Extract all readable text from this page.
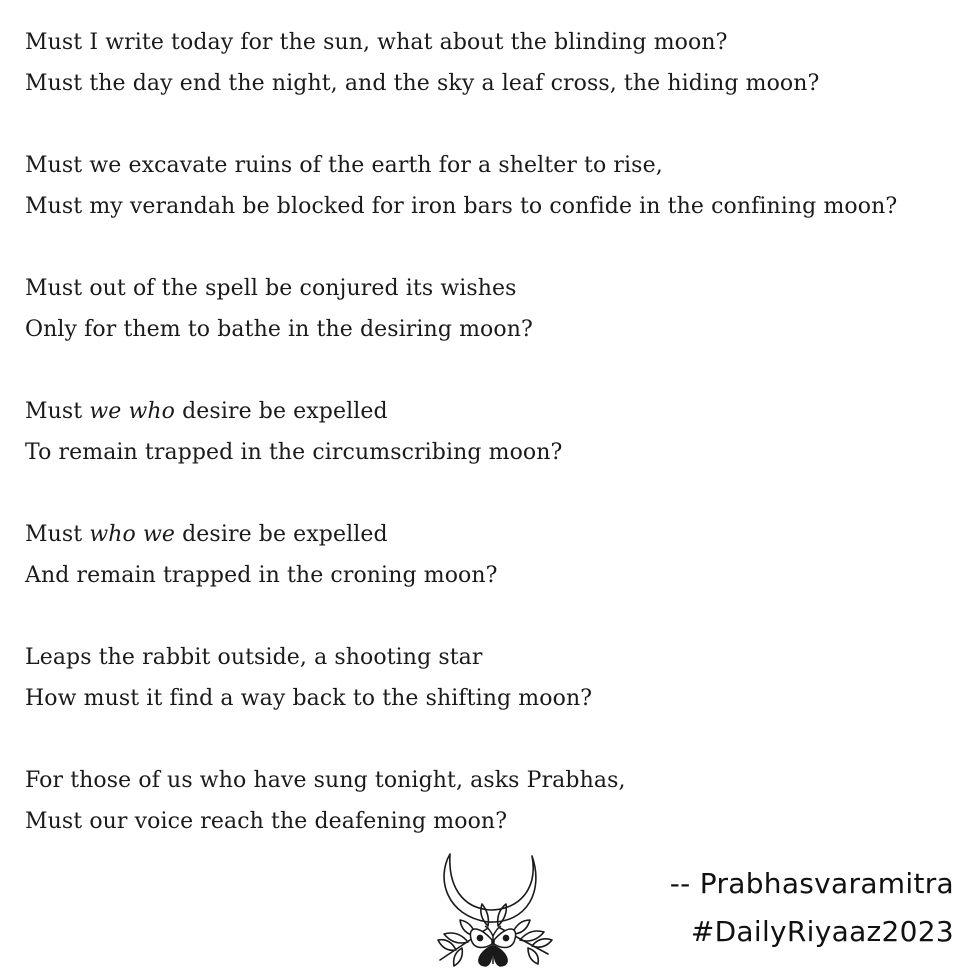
Must I write today for the sun, what about the blinding moon?
Must the day end the night, and the sky a leaf cross, the hiding moon?
Must we excavate ruins of the earth for a shelter to rise,
Must my verandah be blocked for iron bars to confide in the confining moon?
Must out of the spell be conjured its wishes
Only for them to bathe in the desiring moon?
Must we who desire be expelled
To remain trapped in the circumscribing moon?
Must who we desire be expelled
And remain trapped in the croning moon?
Leaps the rabbit outside, a shooting star
How must it find a way back to the shifting moon?
For those of us who have sung tonight, asks Prabhas,
Must our voice reach the deafening moon?
-- Prabhasvaramitra
#DailyRiyaaz2023
